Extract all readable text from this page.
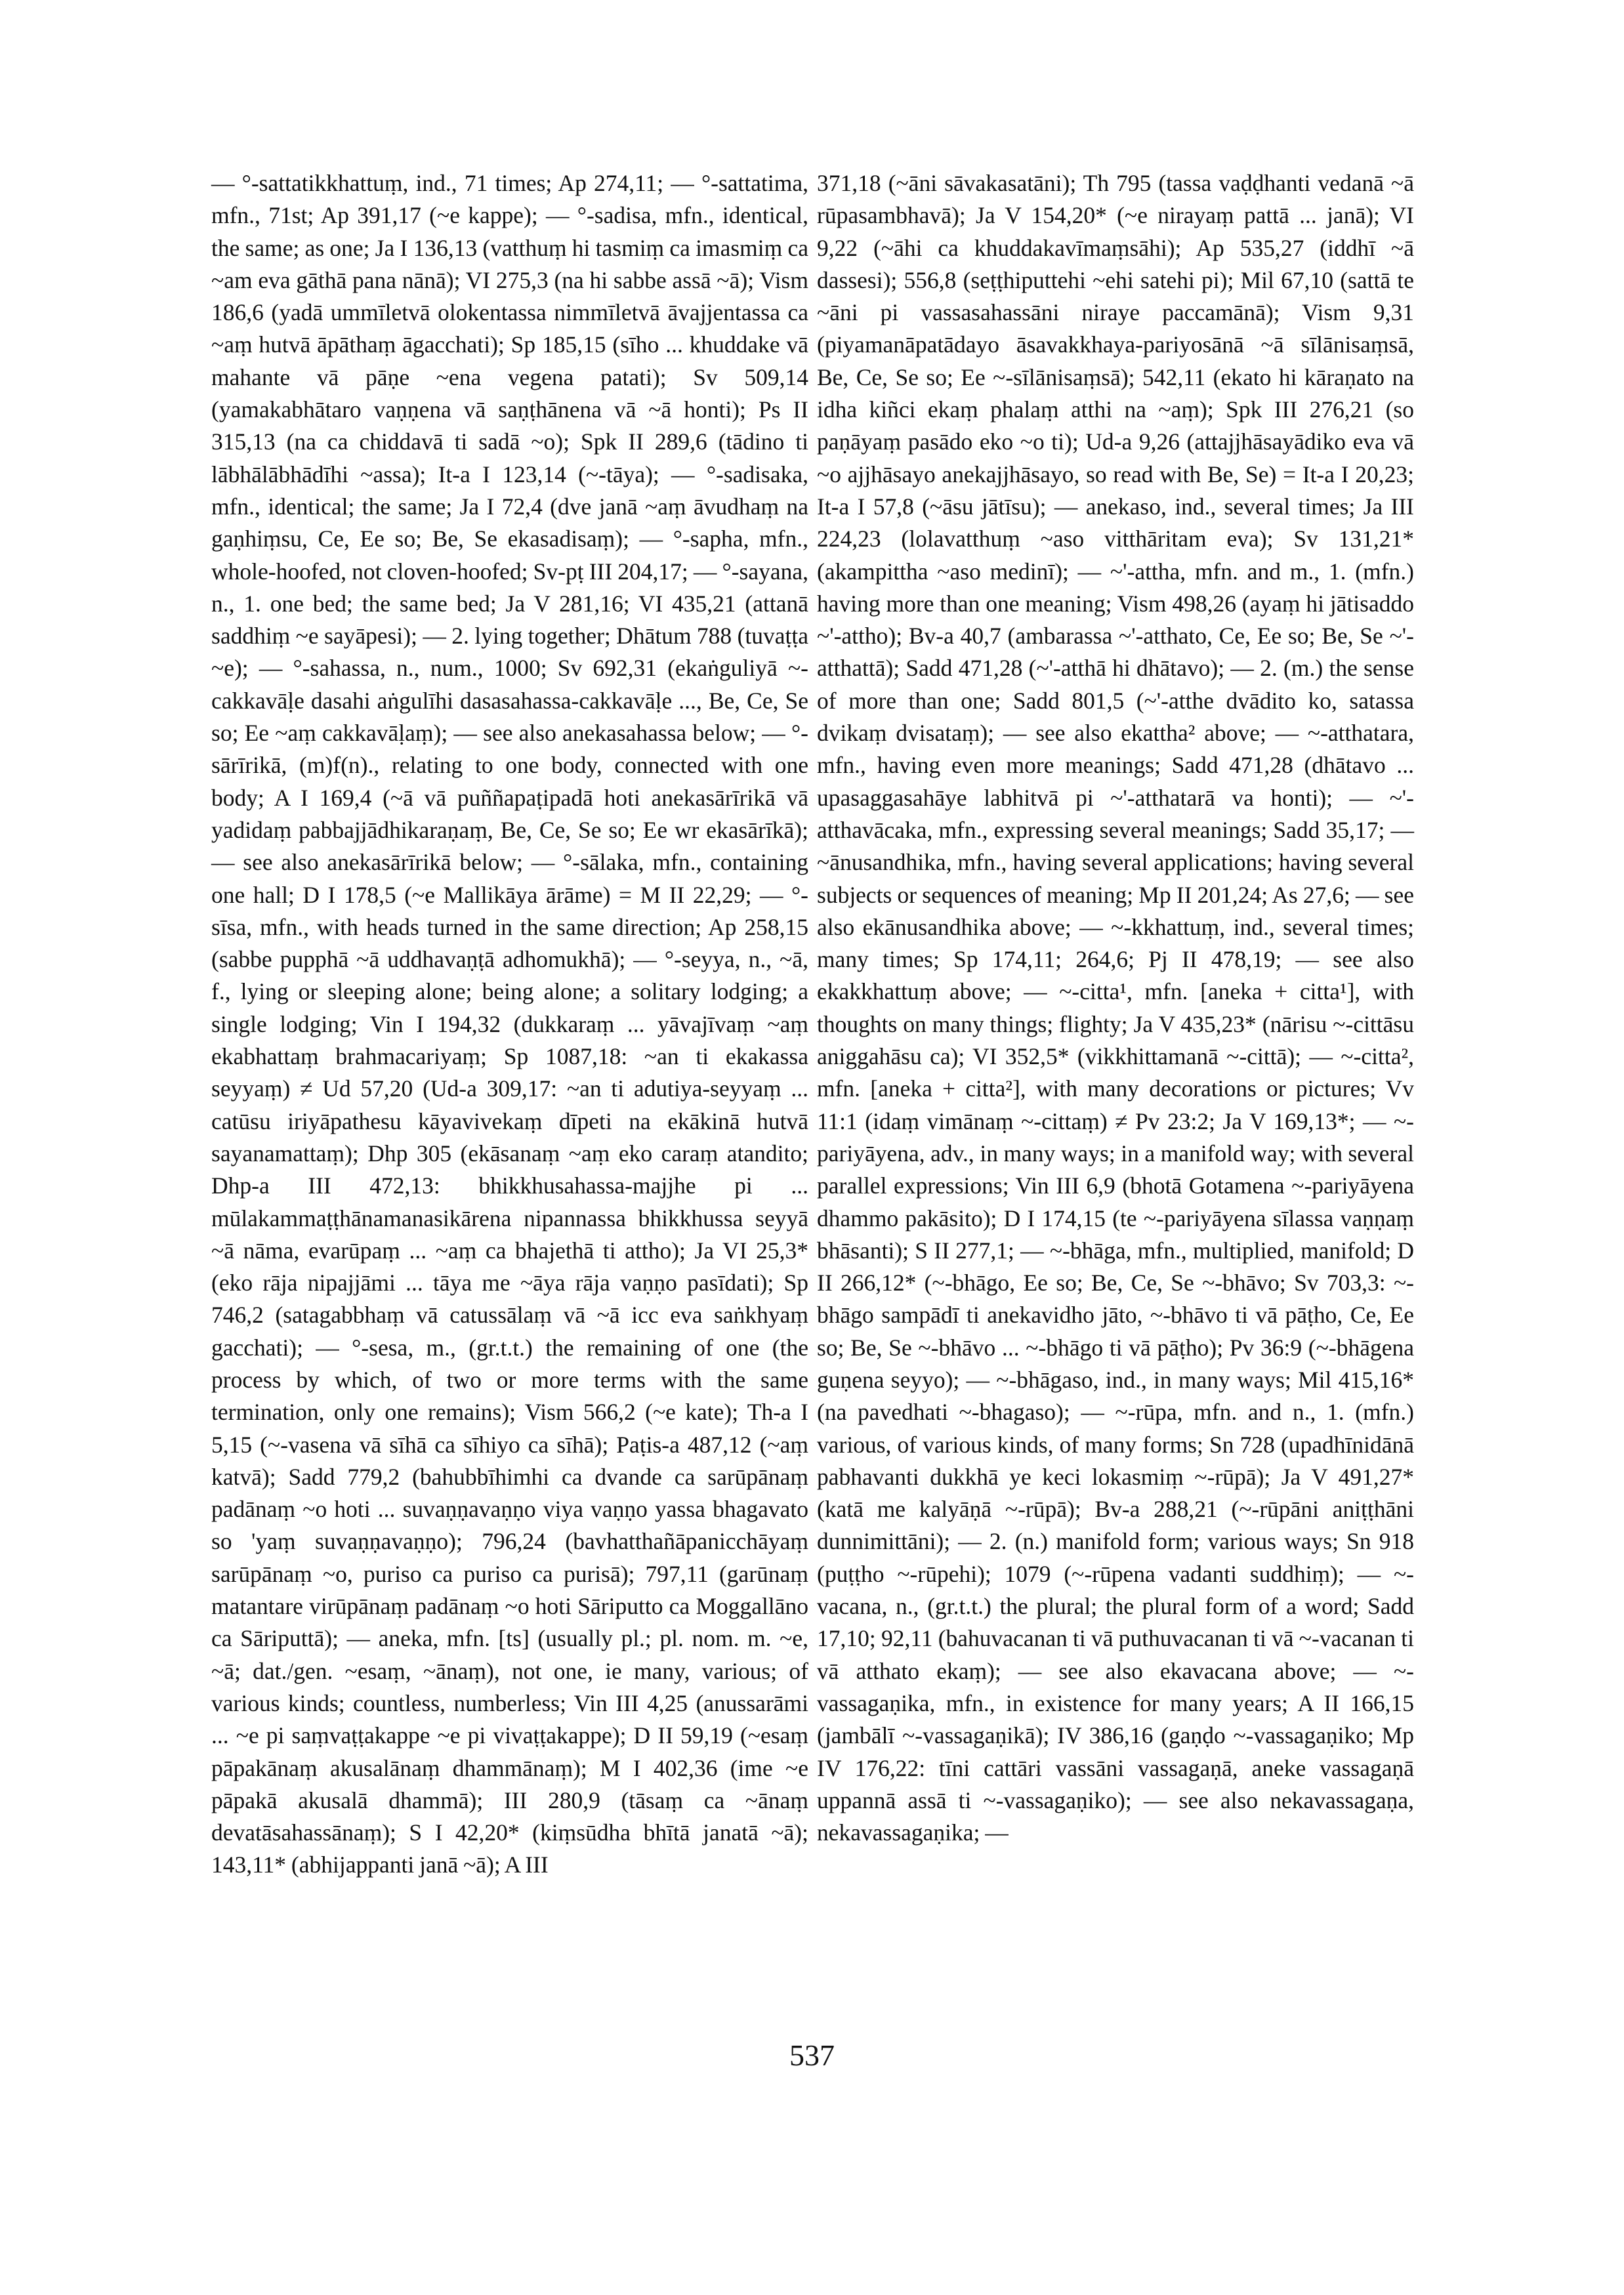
— °-sattatikkhattuṃ, ind., 71 times; Ap 274,11; — °-sattatima, mfn., 71st; Ap 391,17 (~e kappe); — °-sadisa, mfn., identical, the same; as one; Ja I 136,13 (vatthuṃ hi tasmiṃ ca imasmiṃ ca ~am eva gāthā pana nānā); VI 275,3 (na hi sabbe assā ~ā); Vism 186,6 (yadā ummīletvā olokentassa nimmīletvā āvajjentassa ca ~aṃ hutvā āpāthaṃ āgacchati); Sp 185,15 (sīho ... khuddake vā mahante vā pāṇe ~ena vegena patati); Sv 509,14 (yamakabhātaro vaṇṇena vā saṇṭhānena vā ~ā honti); Ps II 315,13 (na ca chiddavā ti sadā ~o); Spk II 289,6 (tādino ti lābhālābhādīhi ~assa); It-a I 123,14 (~-tāya); — °-sadisaka, mfn., identical; the same; Ja I 72,4 (dve janā ~aṃ āvudhaṃ na gaṇhiṃsu, Ce, Ee so; Be, Se ekasadisaṃ); — °-sapha, mfn., whole-hoofed, not cloven-hoofed; Sv-pṭ III 204,17; — °-sayana, n., 1. one bed; the same bed; Ja V 281,16; VI 435,21 (attanā saddhiṃ ~e sayāpesi); — 2. lying together; Dhātum 788 (tuvaṭṭa ~e); — °-sahassa, n., num., 1000; Sv 692,31 (ekaṅguliyā ~-cakkavāḷe dasahi aṅgulīhi dasasahassa-cakkavāḷe ..., Be, Ce, Se so; Ee ~aṃ cakkavāḷaṃ); — see also anekasahassa below; — °-sārīrikā, (m)f(n)., relating to one body, connected with one body; A I 169,4 (~ā vā puññapaṭipadā hoti anekasārīrikā vā yadidaṃ pabbajjādhikaraṇaṃ, Be, Ce, Se so; Ee wr ekasārīkā); — see also anekasārīrikā below; — °-sālaka, mfn., containing one hall; D I 178,5 (~e Mallikāya ārāme) = M II 22,29; — °-sīsa, mfn., with heads turned in the same direction; Ap 258,15 (sabbe pupphā ~ā uddhavaṇṭā adhomukhā); — °-seyya, n., ~ā, f., lying or sleeping alone; being alone; a solitary lodging; a single lodging; Vin I 194,32 (dukkaraṃ ... yāvajīvaṃ ~aṃ ekabhattaṃ brahmacariyaṃ; Sp 1087,18: ~an ti ekakassa seyyaṃ) ≠ Ud 57,20 (Ud-a 309,17: ~an ti adutiya-seyyaṃ ... catūsu iriyāpathesu kāyavivekaṃ dīpeti na ekākinā hutvā sayanamattaṃ); Dhp 305 (ekāsanaṃ ~aṃ eko caraṃ atandito; Dhp-a III 472,13: bhikkhusahassa-majjhe pi ... mūlakammaṭṭhānamanasikārena nipannassa bhikkhussa seyyā ~ā nāma, evarūpaṃ ... ~aṃ ca bhajethā ti attho); Ja VI 25,3* (eko rāja nipajjāmi ... tāya me ~āya rāja vaṇṇo pasīdati); Sp 746,2 (satagabbhaṃ vā catussālaṃ vā ~ā icc eva saṅkhyaṃ gacchati); — °-sesa, m., (gr.t.t.) the remaining of one (the process by which, of two or more terms with the same termination, only one remains); Vism 566,2 (~e kate); Th-a I 5,15 (~-vasena vā sīhā ca sīhiyo ca sīhā); Paṭis-a 487,12 (~aṃ katvā); Sadd 779,2 (bahubbīhimhi ca dvande ca sarūpānaṃ padānaṃ ~o hoti ... suvaṇṇavaṇṇo viya vaṇṇo yassa bhagavato so 'yaṃ suvaṇṇavaṇṇo); 796,24 (bavhatthañāpanicchāyaṃ sarūpānaṃ ~o, puriso ca puriso ca purisā); 797,11 (garūnaṃ matantare virūpānaṃ padānaṃ ~o hoti Sāriputto ca Moggallāno ca Sāriputtā); — aneka, mfn. [ts] (usually pl.; pl. nom. m. ~e, ~ā; dat./gen. ~esaṃ, ~ānaṃ), not one, ie many, various; of various kinds; countless, numberless; Vin III 4,25 (anussarāmi ... ~e pi saṃvaṭṭakappe ~e pi vivaṭṭakappe); D II 59,19 (~esaṃ pāpakānaṃ akusalānaṃ dhammānaṃ); M I 402,36 (ime ~e pāpakā akusalā dhammā); III 280,9 (tāsaṃ ca ~ānaṃ devatāsahassānaṃ); S I 42,20* (kiṃsūdha bhītā janatā ~ā); 143,11* (abhijappanti janā ~ā); A III

371,18 (~āni sāvakasatāni); Th 795 (tassa vaḍḍhanti vedanā ~ā rūpasambhavā); Ja V 154,20* (~e nirayaṃ pattā ... janā); VI 9,22 (~āhi ca khuddakavīmaṃsāhi); Ap 535,27 (iddhī ~ā dassesi); 556,8 (seṭṭhiputtehi ~ehi satehi pi); Mil 67,10 (sattā te ~āni pi vassasahassāni niraye paccamānā); Vism 9,31 (piyamanāpatādayo āsavakkhaya-pariyosānā ~ā sīlānisaṃsā, Be, Ce, Se so; Ee ~-sīlānisaṃsā); 542,11 (ekato hi kāraṇato na idha kiñci ekaṃ phalaṃ atthi na ~aṃ); Spk III 276,21 (so paṇāyaṃ pasādo eko ~o ti); Ud-a 9,26 (attajjhāsayādiko eva vā ~o ajjhāsayo anekajjhāsayo, so read with Be, Se) = It-a I 20,23; It-a I 57,8 (~āsu jātīsu); — anekaso, ind., several times; Ja III 224,23 (lolavatthuṃ ~aso vitthāritam eva); Sv 131,21* (akampittha ~aso medinī); — ~'-attha, mfn. and m., 1. (mfn.) having more than one meaning; Vism 498,26 (ayaṃ hi jātisaddo ~'-attho); Bv-a 40,7 (ambarassa ~'-atthato, Ce, Ee so; Be, Se ~'-atthattā); Sadd 471,28 (~'-atthā hi dhātavo); — 2. (m.) the sense of more than one; Sadd 801,5 (~'-atthe dvādito ko, satassa dvikaṃ dvisataṃ); — see also ekattha² above; — ~-atthatara, mfn., having even more meanings; Sadd 471,28 (dhātavo ... upasaggasahāye labhitvā pi ~'-atthatarā va honti); — ~'-atthavācaka, mfn., expressing several meanings; Sadd 35,17; — ~ānusandhika, mfn., having several applications; having several subjects or sequences of meaning; Mp II 201,24; As 27,6; — see also ekānusandhika above; — ~-kkhattuṃ, ind., several times; many times; Sp 174,11; 264,6; Pj II 478,19; — see also ekakkhattuṃ above; — ~-citta¹, mfn. [aneka + citta¹], with thoughts on many things; flighty; Ja V 435,23* (nārisu ~-cittāsu aniggahāsu ca); VI 352,5* (vikkhittamanā ~-cittā); — ~-citta², mfn. [aneka + citta²], with many decorations or pictures; Vv 11:1 (idaṃ vimānaṃ ~-cittaṃ) ≠ Pv 23:2; Ja V 169,13*; — ~-pariyāyena, adv., in many ways; in a manifold way; with several parallel expressions; Vin III 6,9 (bhotā Gotamena ~-pariyāyena dhammo pakāsito); D I 174,15 (te ~-pariyāyena sīlassa vaṇṇaṃ bhāsanti); S II 277,1; — ~-bhāga, mfn., multiplied, manifold; D II 266,12* (~-bhāgo, Ee so; Be, Ce, Se ~-bhāvo; Sv 703,3: ~-bhāgo sampādī ti anekavidho jāto, ~-bhāvo ti vā pāṭho, Ce, Ee so; Be, Se ~-bhāvo ... ~-bhāgo ti vā pāṭho); Pv 36:9 (~-bhāgena guṇena seyyo); — ~-bhāgaso, ind., in many ways; Mil 415,16* (na pavedhati ~-bhagaso); — ~-rūpa, mfn. and n., 1. (mfn.) various, of various kinds, of many forms; Sn 728 (upadhīnidānā pabhavanti dukkhā ye keci lokasmiṃ ~-rūpā); Ja V 491,27* (katā me kalyāṇā ~-rūpā); Bv-a 288,21 (~-rūpāni aniṭṭhāni dunnimittāni); — 2. (n.) manifold form; various ways; Sn 918 (puṭṭho ~-rūpehi); 1079 (~-rūpena vadanti suddhiṃ); — ~-vacana, n., (gr.t.t.) the plural; the plural form of a word; Sadd 17,10; 92,11 (bahuvacanan ti vā puthuvacanan ti vā ~-vacanan ti vā atthato ekaṃ); — see also ekavacana above; — ~-vassagaṇika, mfn., in existence for many years; A II 166,15 (jambālī ~-vassagaṇikā); IV 386,16 (gaṇḍo ~-vassagaṇiko; Mp IV 176,22: tīni cattāri vassāni vassagaṇā, aneke vassagaṇā uppannā assā ti ~-vassagaṇiko); — see also nekavassagaṇa, nekavassagaṇika; —

537
